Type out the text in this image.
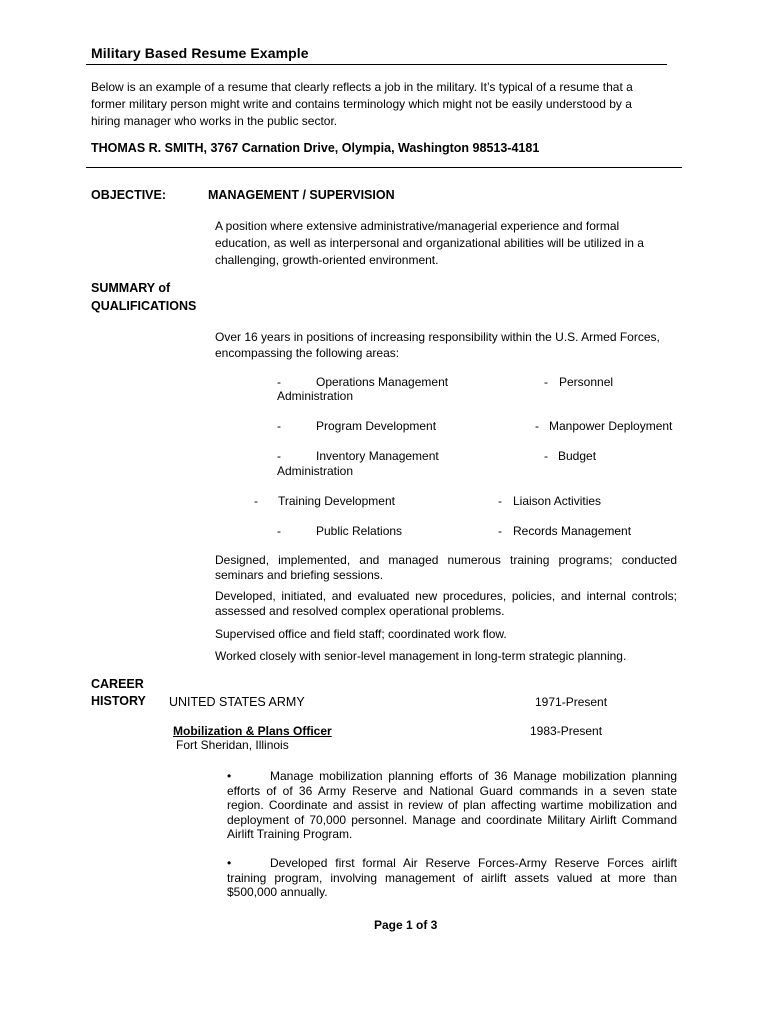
Military Based Resume Example
Below is an example of a resume that clearly reflects a job in the military. It’s typical of a resume that a former military person might write and contains terminology which might not be easily understood by a hiring manager who works in the public sector.
THOMAS R. SMITH, 3767 Carnation Drive, Olympia, Washington 98513-4181
OBJECTIVE:	MANAGEMENT / SUPERVISION
A position where extensive administrative/managerial experience and formal education, as well as interpersonal and organizational abilities will be utilized in a challenging, growth-oriented environment.
SUMMARY of
QUALIFICATIONS
Over 16 years in positions of increasing responsibility within the U.S. Armed Forces, encompassing the following areas:
-	Operations Management	- Personnel
Administration
-	Program Development	- Manpower Deployment
-	Inventory Management	- Budget
Administration
- Training Development	- Liaison Activities
-	Public Relations	- Records Management
Designed, implemented, and managed numerous training programs; conducted seminars and briefing sessions.
Developed, initiated, and evaluated new procedures, policies, and internal controls; assessed and resolved complex operational problems.
Supervised office and field staff; coordinated work flow.
Worked closely with senior-level management in long-term strategic planning.
CAREER
HISTORY UNITED STATES ARMY	1971-Present
Mobilization & Plans Officer	1983-Present
Fort Sheridan, Illinois
•	Manage mobilization planning efforts of 36 Manage mobilization planning efforts of of 36 Army Reserve and National Guard commands in a seven state region. Coordinate and assist in review of plan affecting wartime mobilization and deployment of 70,000 personnel. Manage and coordinate Military Airlift Command Airlift Training Program.
•	Developed first formal Air Reserve Forces-Army Reserve Forces airlift training program, involving management of airlift assets valued at more than $500,000 annually.
Page 1 of 3
